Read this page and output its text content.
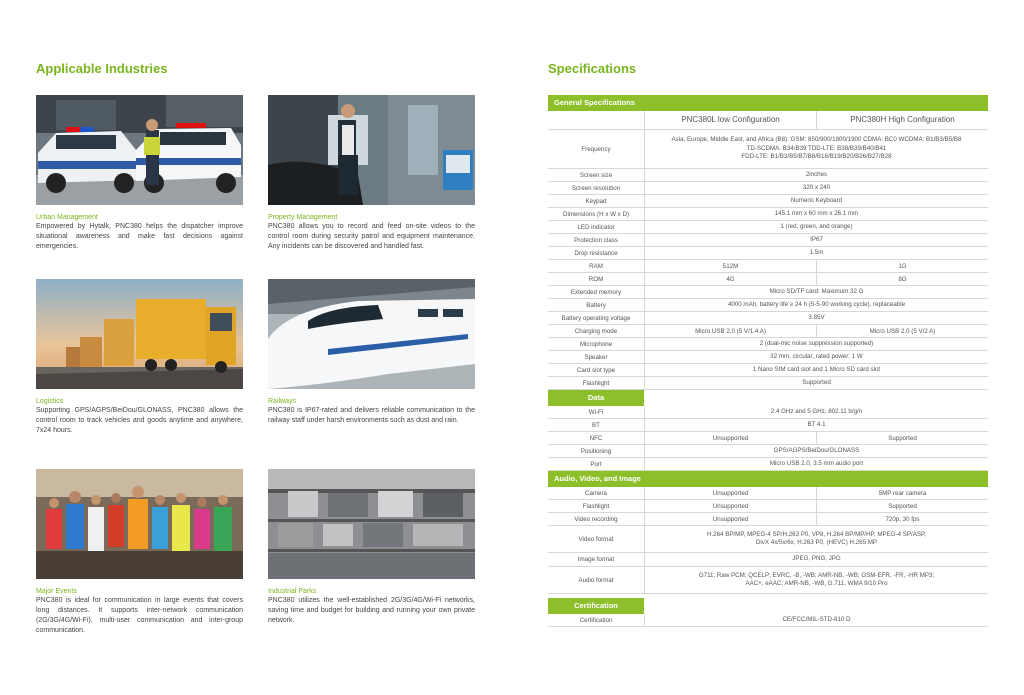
Applicable Industries
Urban Management
Empowered by Hytalk, PNC380 helps the dispatcher improve situational awareness and make fast decisions against emergencies.
Property Management
PNC380 allows you to record and feed on-site videos to the control room during security patrol and equipment maintenance. Any incidents can be discovered and handled fast.
Logistics
Supporting GPS/AGPS/BeiDou/GLONASS, PNC380 allows the control room to track vehicles and goods anytime and anywhere, 7x24 hours.
Railways
PNC380 is IP67-rated and delivers reliable communication to the railway staff under harsh environments such as dust and rain.
Major Events
PNC380 is ideal for communication in large events that covers long distances. It supports inter-network communication (2G/3G/4G/Wi-Fi), multi-user communication and inter-group communication.
Industrial Parks
PNC380 utilizes the well-established 2G/3G/4G/Wi-Fi networks, saving time and budget for building and running your own private network.
Specifications
General Specifications
PNC380L low Configuration	PNC380H High Configuration
Frequency
Asia, Europe, Middle East, and Africa (B8): GSM: 850/900/1800/1900 CDMA: BC0 WCDMA: B1/B3/B5/B8
TD-SCDMA: B34/B39 TDD-LTE: B38/B39/B40/B41
FDD-LTE: B1/B3/B5/B7/B8/B18/B19/B20/B26/B27/B28
Screen size	2inches
Screen resolution	320 x 240
Keypad	Numeric Keyboard
Dimensions (H x W x D)	145.1 mm x 60 mm x 26.1 mm
LED indicator	1 (red, green, and orange)
Protection class	IP67
Drop resistance	1.5m
RAM	512M	1G
ROM	4G	8G
Extended memory	Micro SD/TF card: Maximum 32 G
Battery	4000 mAh, battery life ≥ 24 h (5-5-90 working cycle), replaceable
Battery operating voltage	3.85V
Charging mode	Micro USB 2.0 (5 V/1.4 A)	Micro USB 2.0 (5 V/2 A)
Microphone	2 (dual-mic noise suppression supported)
Speaker	32 mm, circular, rated power: 1 W
Card slot type	1 Nano SIM card slot and 1 Micro SD card slot
Flashlight	Supported
Data
Wi-Fi	2.4 GHz and 5 GHz, 802.11 b/g/n
BT	BT 4.1
NFC	Unsupported	Supported
Positioning	GPS/AGPS/BeiDou/GLONASS
Port	Micro USB 2.0, 3.5 mm audio port
Audio, Video, and Image
Camera	Unsupported	5MP rear camera
Flashlight	Unsupported	Supported
Video recording	Unsupported	720p, 30 fps
Video format
H.264 BP/MP, MPEG-4 SP/H.263 P0, VP8, H.264 BP/MP/HP, MPEG-4 SP/ASP,
DivX 4x/5x/6x, H.263 P0, (HEVC) H.265 MP
Image format	JPEG, PNG, JPG
Audio format
G711; Raw PCM; QCELP; EVRC, -B, -WB; AMR-NB, -WB; GSM-EFR, -FR, -HR MP3;
AAC+, eAAC; AMR-NB, -WB, G.711, WMA 9/10 Pro
Certification
Certification	CE/FCC/MIL-STD-810 D
